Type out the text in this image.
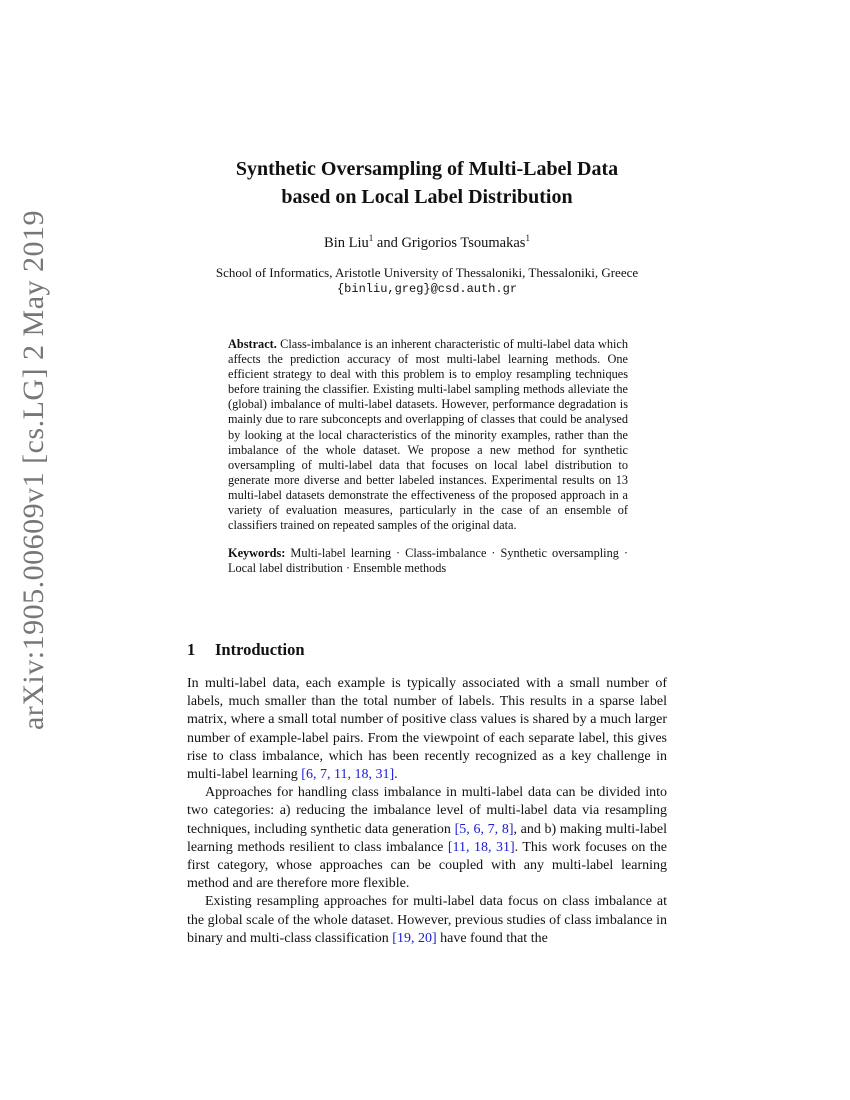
arXiv:1905.00609v1 [cs.LG] 2 May 2019
Synthetic Oversampling of Multi-Label Data
based on Local Label Distribution
Bin Liu$^1$ and Grigorios Tsoumakas$^1$
School of Informatics, Aristotle University of Thessaloniki, Thessaloniki, Greece
{binliu,greg}@csd.auth.gr

Abstract. Class-imbalance is an inherent characteristic of multi-label data which affects the prediction accuracy of most multi-label learning methods. One efficient strategy to deal with this problem is to employ resampling techniques before training the classifier. Existing multi-label sampling methods alleviate the (global) imbalance of multi-label datasets. However, performance degradation is mainly due to rare subconcepts and overlapping of classes that could be analysed by looking at the local characteristics of the minority examples, rather than the imbalance of the whole dataset. We propose a new method for synthetic oversampling of multi-label data that focuses on local label distribution to generate more diverse and better labeled instances. Experimental results on 13 multi-label datasets demonstrate the effectiveness of the proposed approach in a variety of evaluation measures, particularly in the case of an ensemble of classifiers trained on repeated samples of the original data.

Keywords: Multi-label learning · Class-imbalance · Synthetic oversampling · Local label distribution · Ensemble methods

1 Introduction

In multi-label data, each example is typically associated with a small number of labels, much smaller than the total number of labels. This results in a sparse label matrix, where a small total number of positive class values is shared by a much larger number of example-label pairs. From the viewpoint of each separate label, this gives rise to class imbalance, which has been recently recognized as a key challenge in multi-label learning [6, 7, 11, 18, 31].

Approaches for handling class imbalance in multi-label data can be divided into two categories: a) reducing the imbalance level of multi-label data via resampling techniques, including synthetic data generation [5, 6, 7, 8], and b) making multi-label learning methods resilient to class imbalance [11, 18, 31]. This work focuses on the first category, whose approaches can be coupled with any multi-label learning method and are therefore more flexible.

Existing resampling approaches for multi-label data focus on class imbalance at the global scale of the whole dataset. However, previous studies of class imbalance in binary and multi-class classification [19, 20] have found that the
